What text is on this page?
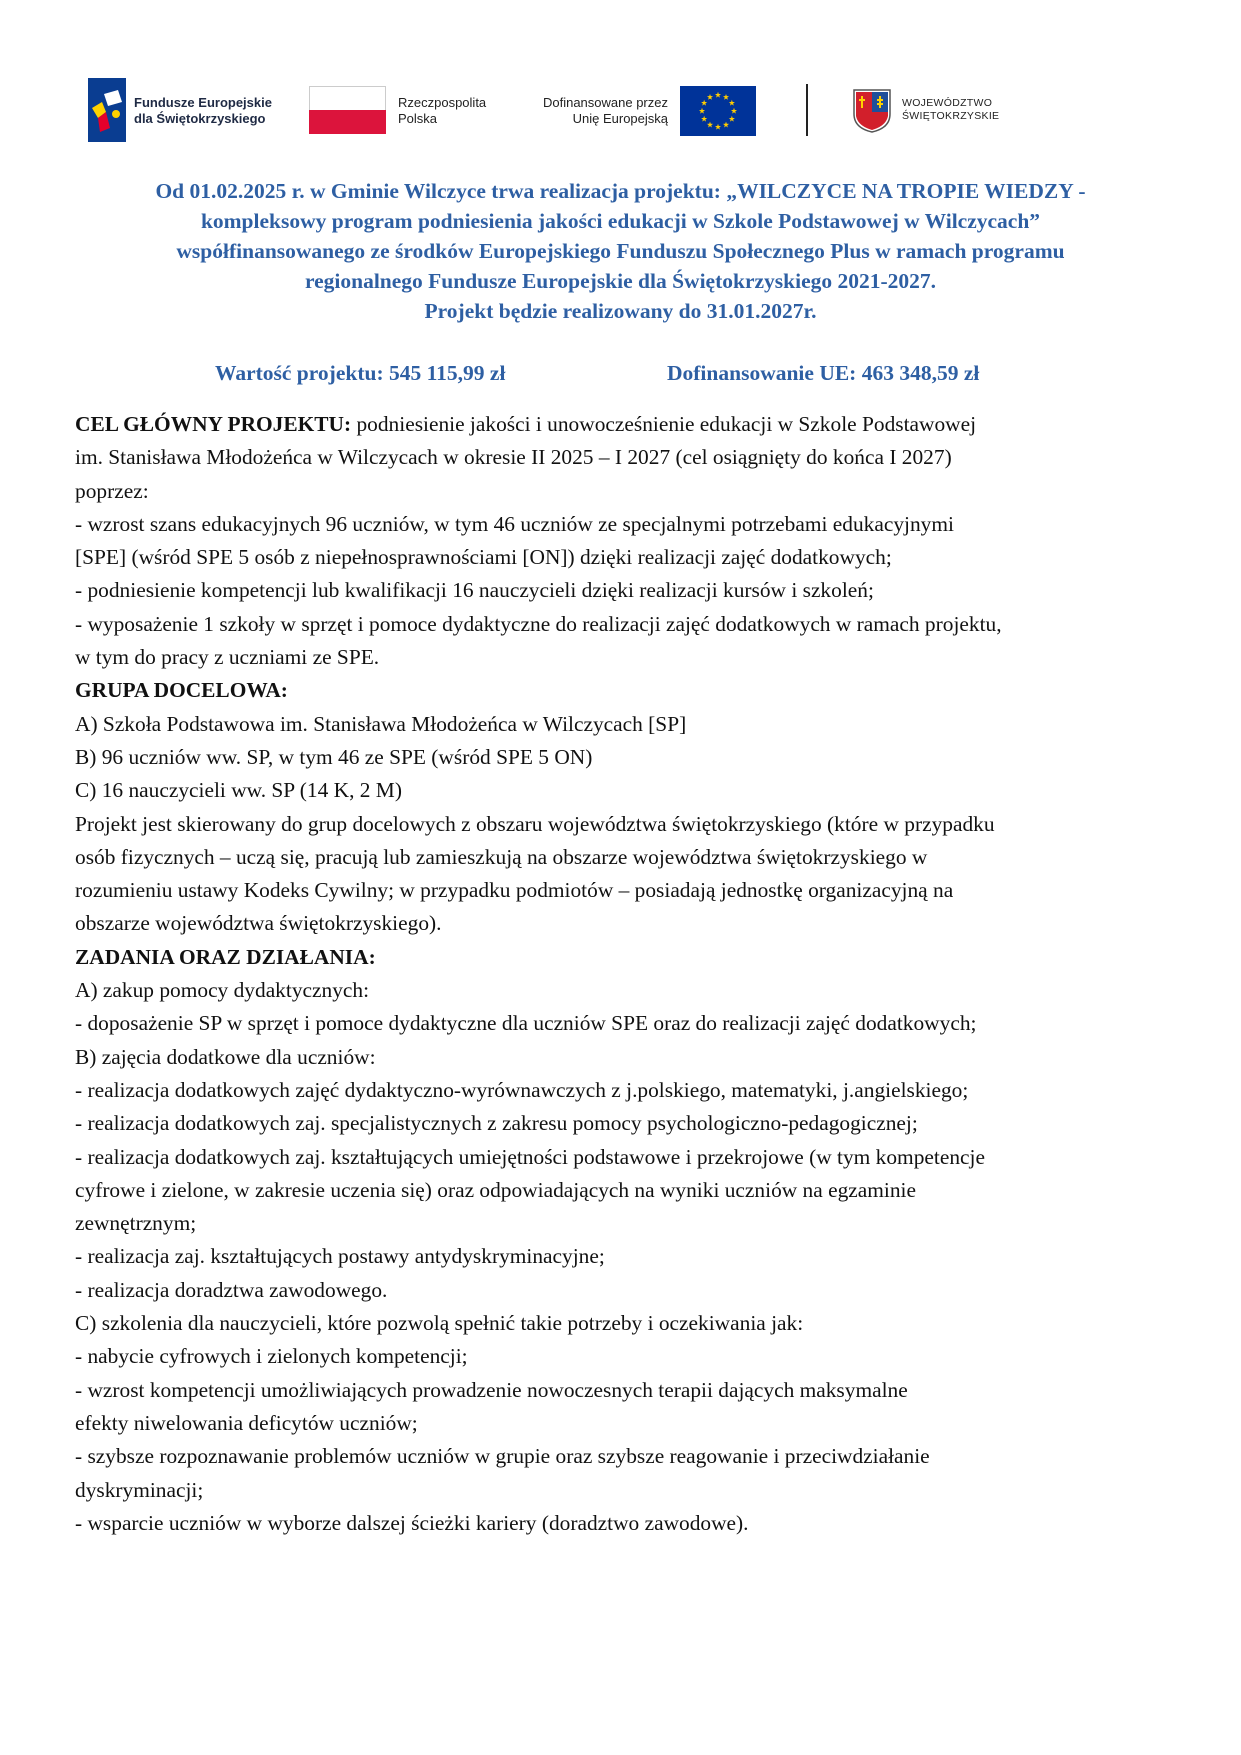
Fundusze Europejskie
dla Świętokrzyskiego
Rzeczpospolita
Polska
Dofinansowane przez
Unię Europejską
WOJEWÓDZTWO
ŚWIĘTOKRZYSKIE
Od 01.02.2025 r. w Gminie Wilczyce trwa realizacja projektu: „WILCZYCE NA TROPIE WIEDZY -
kompleksowy program podniesienia jakości edukacji w Szkole Podstawowej w Wilczycach”
współfinansowanego ze środków Europejskiego Funduszu Społecznego Plus w ramach programu
regionalnego Fundusze Europejskie dla Świętokrzyskiego 2021-2027.
Projekt będzie realizowany do 31.01.2027r.
Wartość projektu: 545 115,99 zł	Dofinansowanie UE: 463 348,59 zł
CEL GŁÓWNY PROJEKTU: podniesienie jakości i unowocześnienie edukacji w Szkole Podstawowej
im. Stanisława Młodożeńca w Wilczycach w okresie II 2025 – I 2027 (cel osiągnięty do końca I 2027)
poprzez:
- wzrost szans edukacyjnych 96 uczniów, w tym 46 uczniów ze specjalnymi potrzebami edukacyjnymi
[SPE] (wśród SPE 5 osób z niepełnosprawnościami [ON]) dzięki realizacji zajęć dodatkowych;
- podniesienie kompetencji lub kwalifikacji 16 nauczycieli dzięki realizacji kursów i szkoleń;
- wyposażenie 1 szkoły w sprzęt i pomoce dydaktyczne do realizacji zajęć dodatkowych w ramach projektu,
w tym do pracy z uczniami ze SPE.
GRUPA DOCELOWA:
A) Szkoła Podstawowa im. Stanisława Młodożeńca w Wilczycach [SP]
B) 96 uczniów ww. SP, w tym 46 ze SPE (wśród SPE 5 ON)
C) 16 nauczycieli ww. SP (14 K, 2 M)
Projekt jest skierowany do grup docelowych z obszaru województwa świętokrzyskiego (które w przypadku
osób fizycznych – uczą się, pracują lub zamieszkują na obszarze województwa świętokrzyskiego w
rozumieniu ustawy Kodeks Cywilny; w przypadku podmiotów – posiadają jednostkę organizacyjną na
obszarze województwa świętokrzyskiego).
ZADANIA ORAZ DZIAŁANIA:
A) zakup pomocy dydaktycznych:
- doposażenie SP w sprzęt i pomoce dydaktyczne dla uczniów SPE oraz do realizacji zajęć dodatkowych;
B) zajęcia dodatkowe dla uczniów:
- realizacja dodatkowych zajęć dydaktyczno-wyrównawczych z j.polskiego, matematyki, j.angielskiego;
- realizacja dodatkowych zaj. specjalistycznych z zakresu pomocy psychologiczno-pedagogicznej;
- realizacja dodatkowych zaj. kształtujących umiejętności podstawowe i przekrojowe (w tym kompetencje
cyfrowe i zielone, w zakresie uczenia się) oraz odpowiadających na wyniki uczniów na egzaminie
zewnętrznym;
- realizacja zaj. kształtujących postawy antydyskryminacyjne;
- realizacja doradztwa zawodowego.
C) szkolenia dla nauczycieli, które pozwolą spełnić takie potrzeby i oczekiwania jak:
- nabycie cyfrowych i zielonych kompetencji;
- wzrost kompetencji umożliwiających prowadzenie nowoczesnych terapii dających maksymalne
efekty niwelowania deficytów uczniów;
- szybsze rozpoznawanie problemów uczniów w grupie oraz szybsze reagowanie i przeciwdziałanie
dyskryminacji;
- wsparcie uczniów w wyborze dalszej ścieżki kariery (doradztwo zawodowe).
